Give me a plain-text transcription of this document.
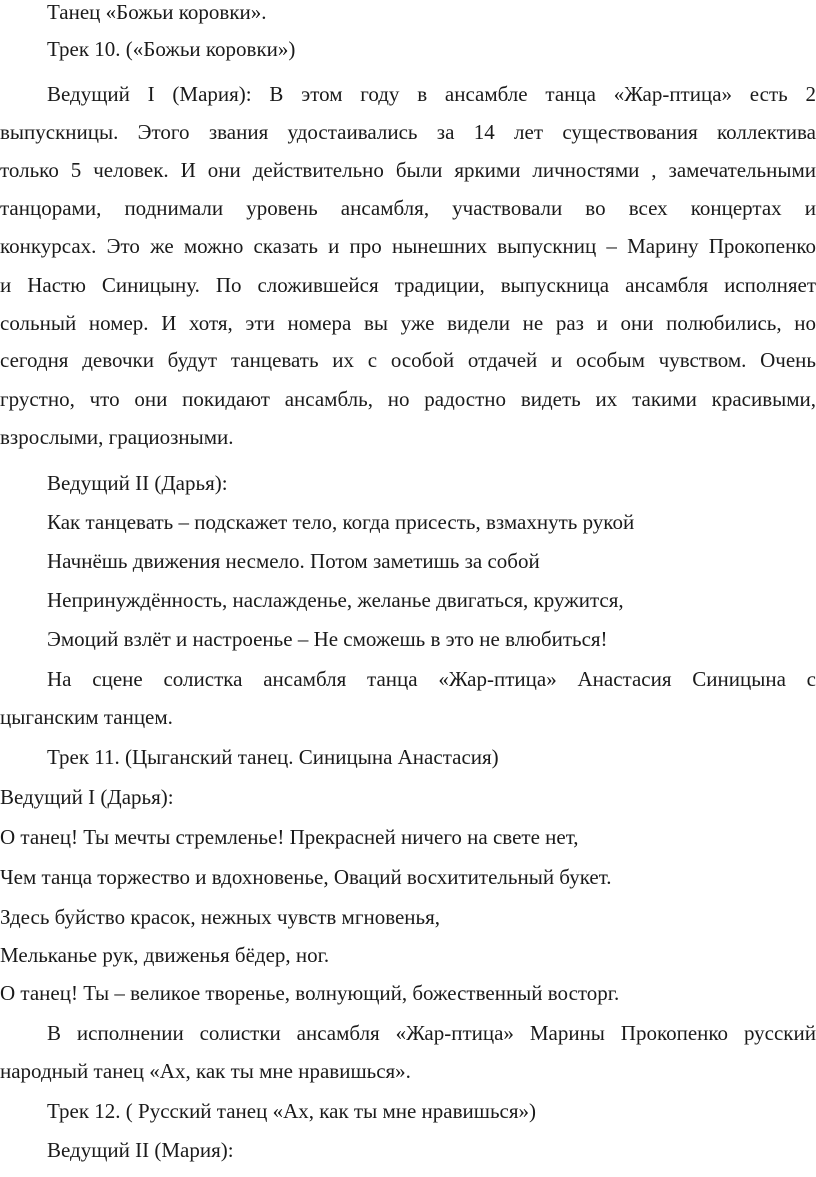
Танец «Божьи коровки».
Трек 10. («Божьи коровки»)
Ведущий I (Мария): В этом году в ансамбле танца «Жар-птица» есть 2
выпускницы. Этого звания удостаивались за 14 лет существования коллектива
только 5 человек. И они действительно были яркими личностями , замечательными
танцорами, поднимали уровень ансамбля, участвовали во всех концертах и
конкурсах. Это же можно сказать и про нынешних выпускниц – Марину Прокопенко
и Настю Синицыну. По сложившейся традиции, выпускница ансамбля исполняет
сольный номер. И хотя, эти номера вы уже видели не раз и они полюбились, но
сегодня девочки будут танцевать их с особой отдачей и особым чувством. Очень
грустно, что они покидают ансамбль, но радостно видеть их такими красивыми,
взрослыми, грациозными.
Ведущий II (Дарья):
Как танцевать – подскажет тело, когда присесть, взмахнуть рукой
Начнёшь движения несмело. Потом заметишь за собой
Непринуждённость, наслажденье, желанье двигаться, кружится,
Эмоций взлёт и настроенье – Не сможешь в это не влюбиться!
На сцене солистка ансамбля танца «Жар-птица» Анастасия Синицына с
цыганским танцем.
Трек 11. (Цыганский танец. Синицына Анастасия)
Ведущий I (Дарья):
О танец! Ты мечты стремленье! Прекрасней ничего на свете нет,
Чем танца торжество и вдохновенье, Оваций восхитительный букет.
Здесь буйство красок, нежных чувств мгновенья,
Мельканье рук, движенья бёдер, ног.
О танец! Ты – великое творенье, волнующий, божественный восторг.
В исполнении солистки ансамбля «Жар-птица» Марины Прокопенко русский
народный танец «Ах, как ты мне нравишься».
Трек 12. ( Русский танец «Ах, как ты мне нравишься»)
Ведущий II (Мария):
